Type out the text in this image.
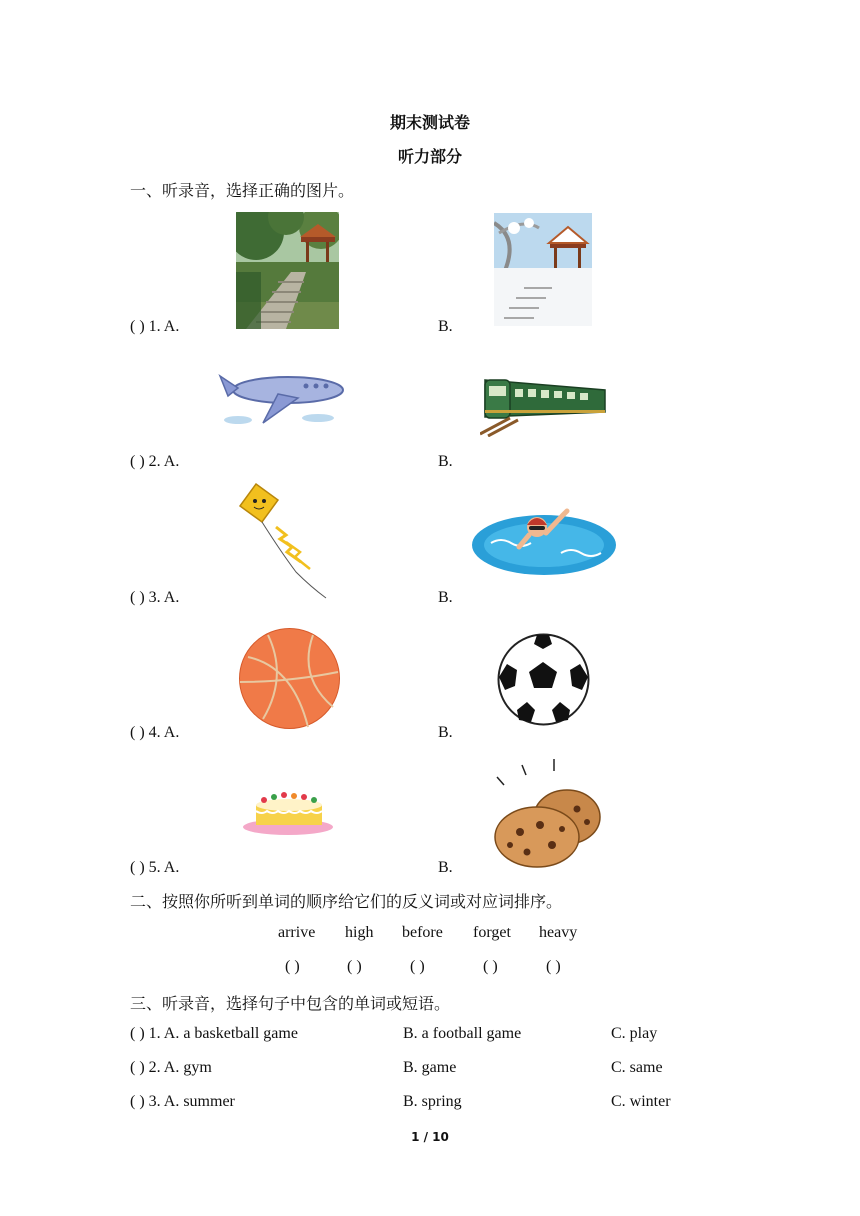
期末测试卷
听力部分
一、听录音，选择正确的图片。
( ) 1. A.	B.
( ) 2. A.	B.
( ) 3. A.	B.
( ) 4. A.	B.
( ) 5. A.	B.
二、按照你所听到单词的顺序给它们的反义词或对应词排序。
arrive high before forget heavy
( )	( )	( )	( )	( )
三、听录音，选择句子中包含的单词或短语。
( ) 1. A. a basketball game	B. a football game	C. play
( ) 2. A. gym	B. game	C. same
( ) 3. A. summer	B. spring	C. winter
1 / 10
